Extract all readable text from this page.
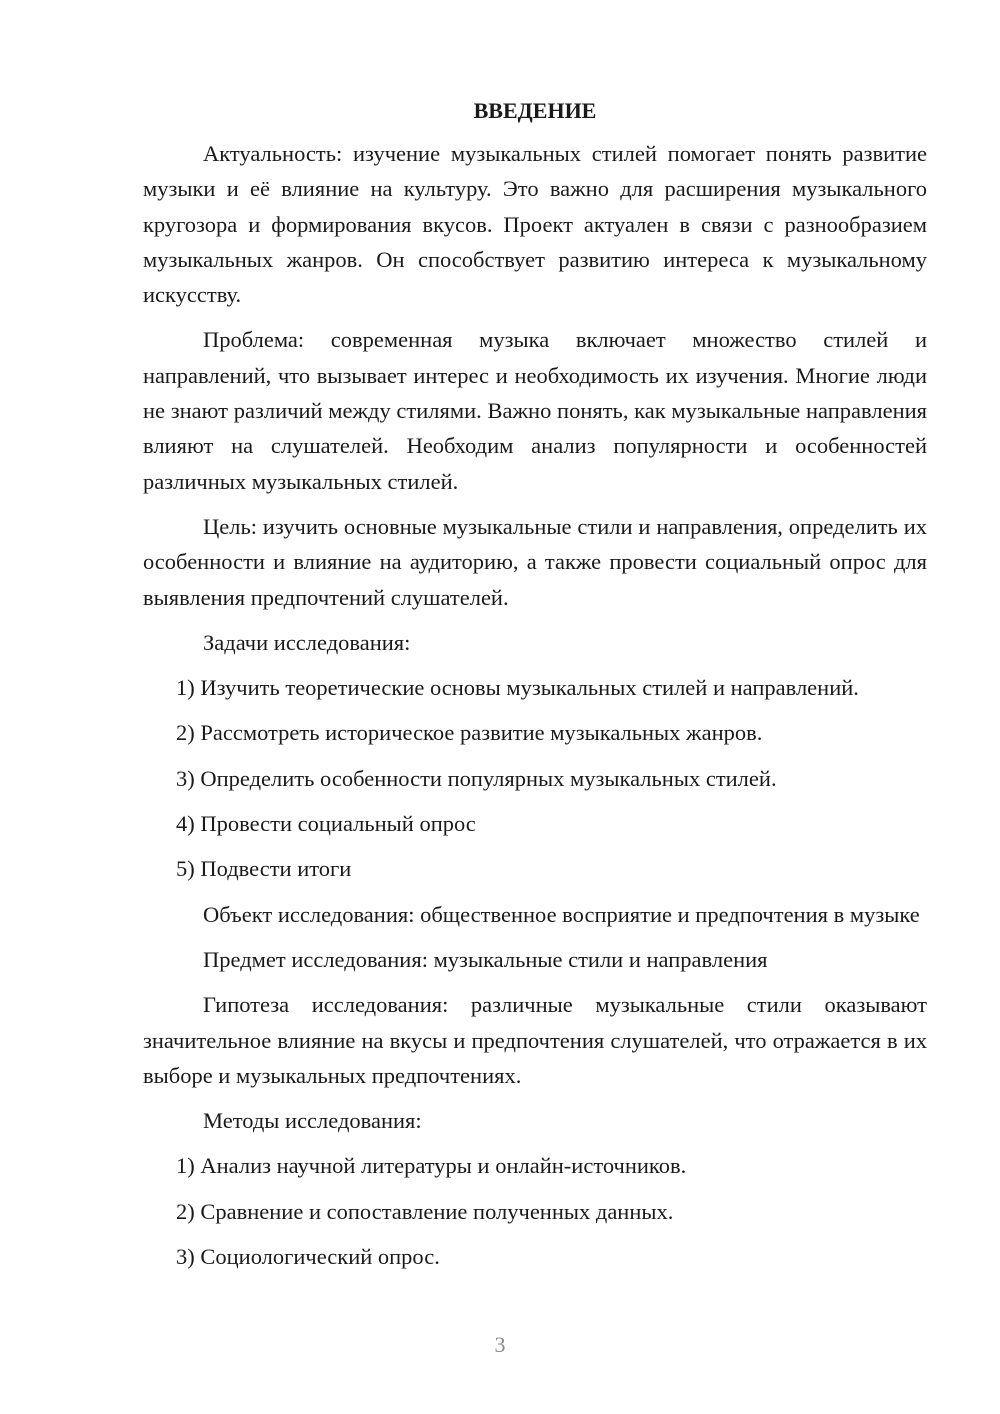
ВВЕДЕНИЕ

Актуальность: изучение музыкальных стилей помогает понять развитие музыки и её влияние на культуру. Это важно для расширения музыкального кругозора и формирования вкусов. Проект актуален в связи с разнообразием музыкальных жанров. Он способствует развитию интереса к музыкальному искусству.

Проблема: современная музыка включает множество стилей и направлений, что вызывает интерес и необходимость их изучения. Многие люди не знают различий между стилями. Важно понять, как музыкальные направления влияют на слушателей. Необходим анализ популярности и особенностей различных музыкальных стилей.

Цель: изучить основные музыкальные стили и направления, определить их особенности и влияние на аудиторию, а также провести социальный опрос для выявления предпочтений слушателей.

Задачи исследования:

1) Изучить теоретические основы музыкальных стилей и направлений.

2) Рассмотреть историческое развитие музыкальных жанров.

3) Определить особенности популярных музыкальных стилей.

4) Провести социальный опрос

5) Подвести итоги

Объект исследования: общественное восприятие и предпочтения в музыке

Предмет исследования: музыкальные стили и направления

Гипотеза исследования: различные музыкальные стили оказывают значительное влияние на вкусы и предпочтения слушателей, что отражается в их выборе и музыкальных предпочтениях.

Методы исследования:

1) Анализ научной литературы и онлайн-источников.

2) Сравнение и сопоставление полученных данных.

3) Социологический опрос.

3
